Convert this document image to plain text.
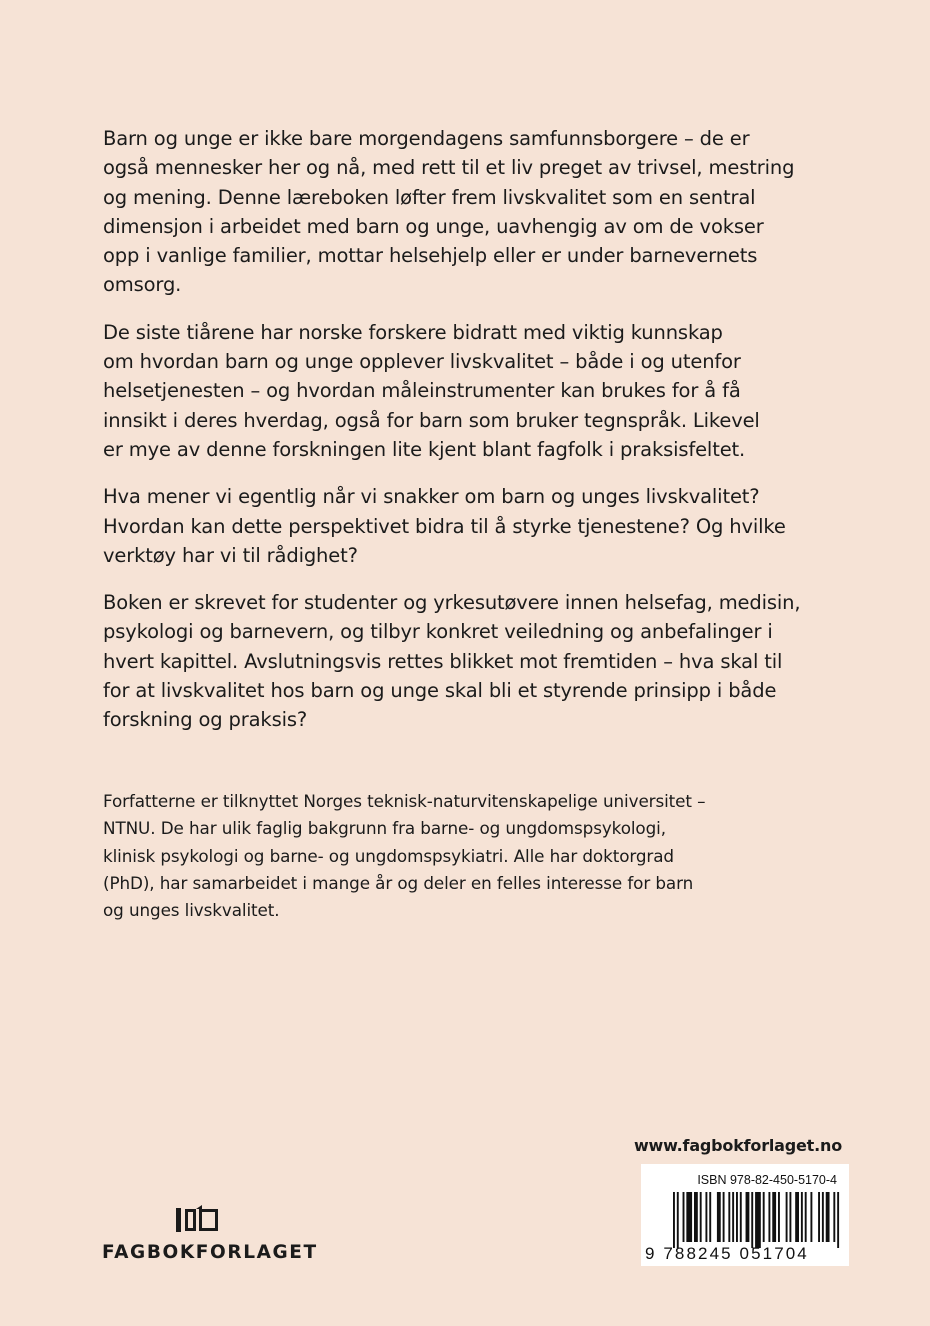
Barn og unge er ikke bare morgendagens samfunnsborgere – de er
også mennesker her og nå, med rett til et liv preget av trivsel, mestring
og mening. Denne læreboken løfter frem livskvalitet som en sentral
dimensjon i arbeidet med barn og unge, uavhengig av om de vokser
opp i vanlige familier, mottar helsehjelp eller er under barnevernets
omsorg.

De siste tiårene har norske forskere bidratt med viktig kunnskap
om hvordan barn og unge opplever livskvalitet – både i og utenfor
helsetjenesten – og hvordan måleinstrumenter kan brukes for å få
innsikt i deres hverdag, også for barn som bruker tegnspråk. Likevel
er mye av denne forskningen lite kjent blant fagfolk i praksisfeltet.

Hva mener vi egentlig når vi snakker om barn og unges livskvalitet?
Hvordan kan dette perspektivet bidra til å styrke tjenestene? Og hvilke
verktøy har vi til rådighet?

Boken er skrevet for studenter og yrkesutøvere innen helsefag, medisin,
psykologi og barnevern, og tilbyr konkret veiledning og anbefalinger i
hvert kapittel. Avslutningsvis rettes blikket mot fremtiden – hva skal til
for at livskvalitet hos barn og unge skal bli et styrende prinsipp i både
forskning og praksis?

Forfatterne er tilknyttet Norges teknisk-naturvitenskapelige universitet –
NTNU. De har ulik faglig bakgrunn fra barne- og ungdomspsykologi,
klinisk psykologi og barne- og ungdomspsykiatri. Alle har doktorgrad
(PhD), har samarbeidet i mange år og deler en felles interesse for barn
og unges livskvalitet.

www.fagbokforlaget.no
ISBN 978-82-450-5170-4
9 788245 051704
FAGBOKFORLAGET
